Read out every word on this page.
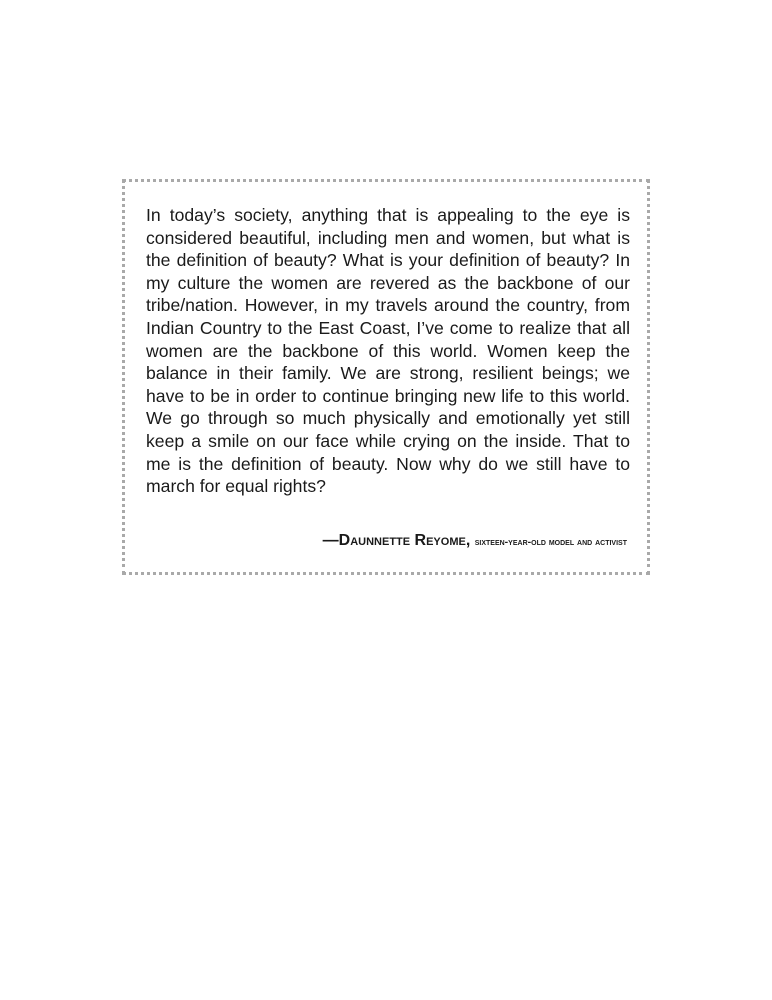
In today’s society, anything that is appealing to the eye is considered beautiful, including men and women, but what is the definition of beauty? What is your definition of beauty? In my culture the women are revered as the backbone of our tribe/nation. However, in my travels around the country, from Indian Country to the East Coast, I’ve come to realize that all women are the backbone of this world. Women keep the balance in their family. We are strong, resilient beings; we have to be in order to continue bringing new life to this world. We go through so much physically and emotionally yet still keep a smile on our face while crying on the inside. That to me is the definition of beauty. Now why do we still have to march for equal rights?

—Daunnette Reyome, sixteen-year-old model and activist
